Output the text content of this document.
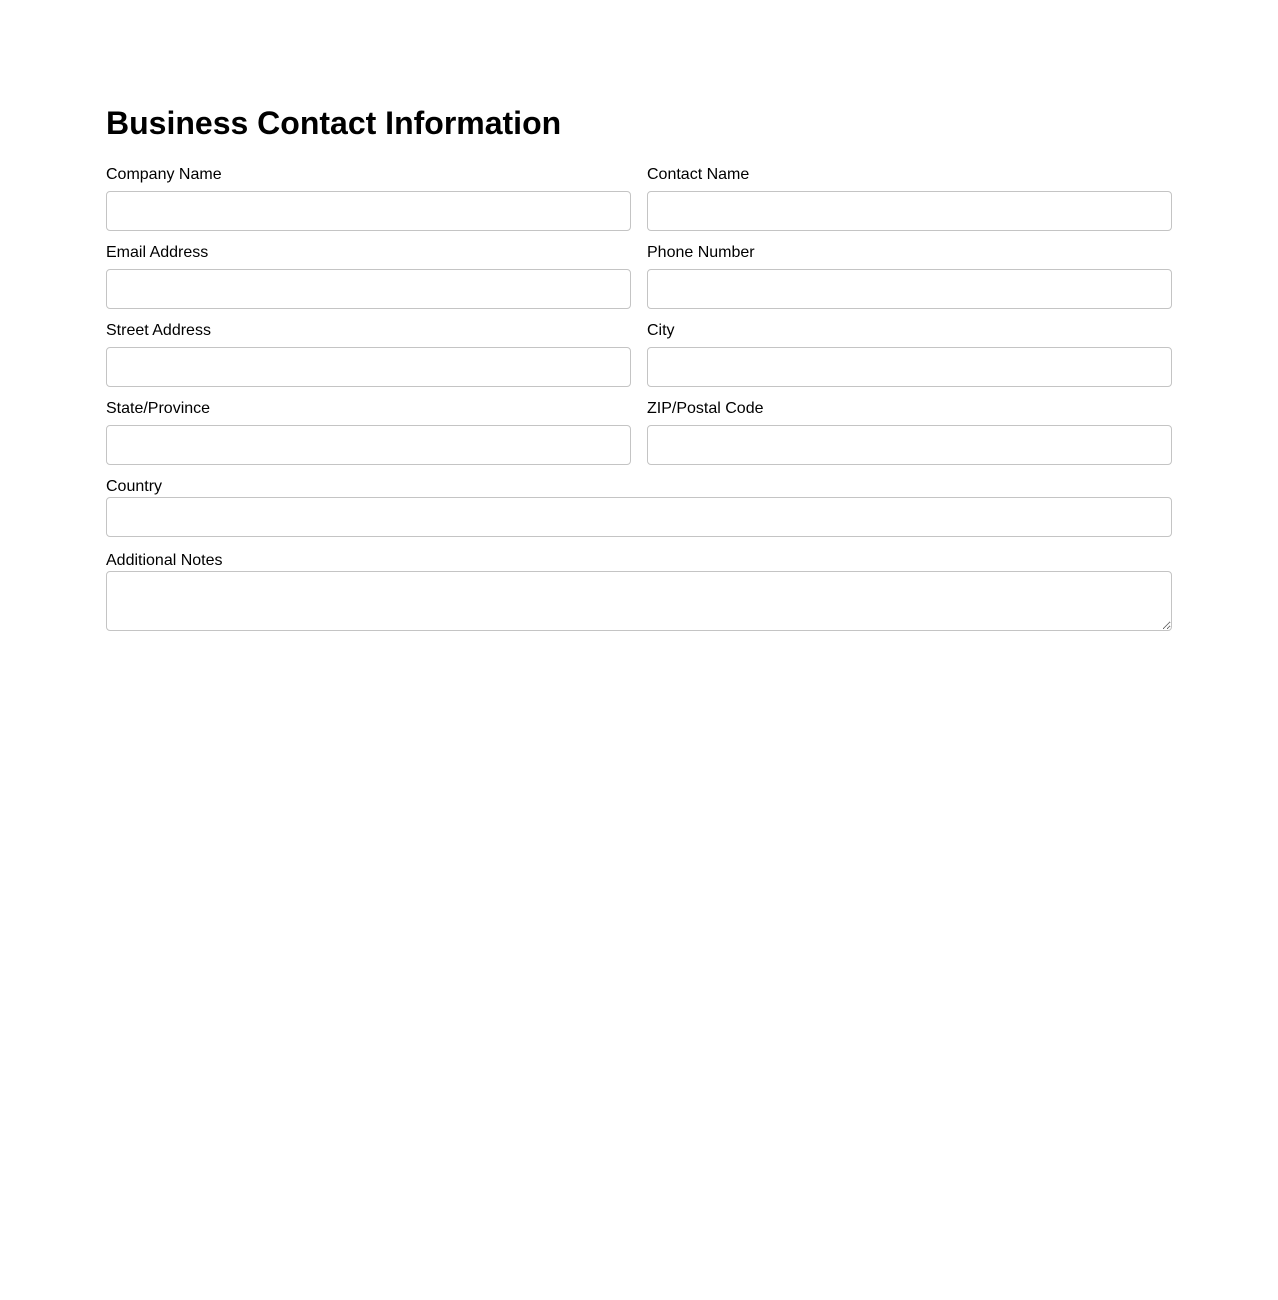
Business Contact Information
Company Name	Contact Name
Email Address	Phone Number
Street Address	City
State/Province	ZIP/Postal Code
Country
Additional Notes
